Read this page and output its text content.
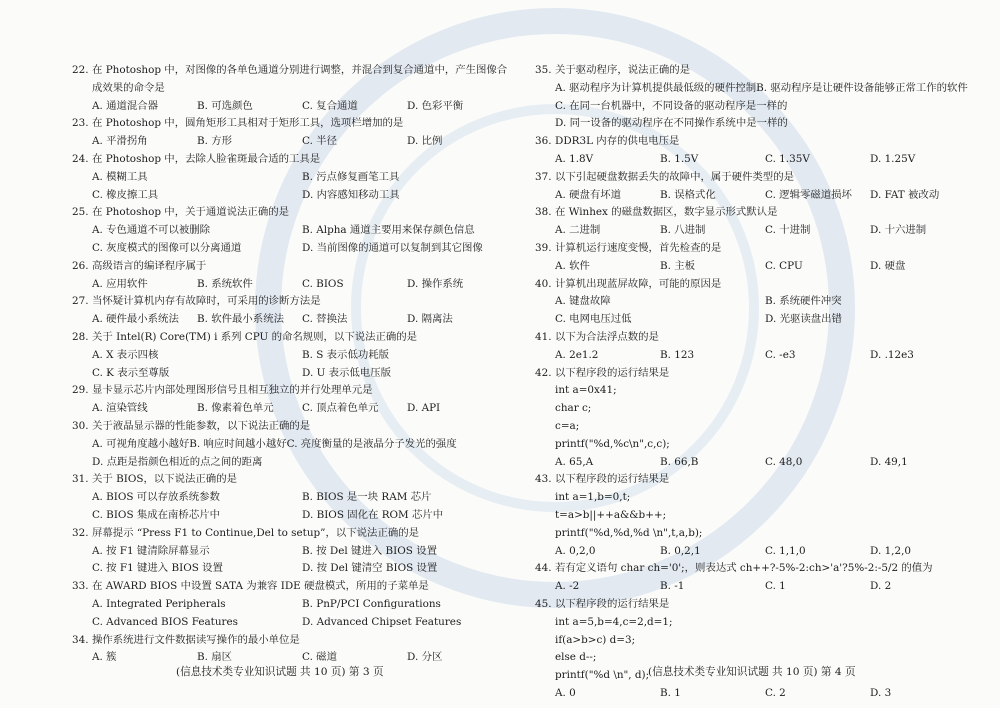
22. 在 Photoshop 中，对图像的各单色通道分别进行调整，并混合到复合通道中，产生图像合
成效果的命令是
A. 通道混合器	B. 可选颜色	C. 复合通道	D. 色彩平衡
23. 在 Photoshop 中，圆角矩形工具相对于矩形工具，选项栏增加的是
A. 平滑拐角	B. 方形	C. 半径	D. 比例
24. 在 Photoshop 中，去除人脸雀斑最合适的工具是
A. 模糊工具	B. 污点修复画笔工具
C. 橡皮擦工具	D. 内容感知移动工具
25. 在 Photoshop 中，关于通道说法正确的是
A. 专色通道不可以被删除	B. Alpha 通道主要用来保存颜色信息
C. 灰度模式的图像可以分离通道	D. 当前图像的通道可以复制到其它图像
26. 高级语言的编译程序属于
A. 应用软件	B. 系统软件	C. BIOS	D. 操作系统
27. 当怀疑计算机内存有故障时，可采用的诊断方法是
A. 硬件最小系统法	B. 软件最小系统法	C. 替换法	D. 隔离法
28. 关于 Intel(R) Core(TM) i 系列 CPU 的命名规则，以下说法正确的是
A. X 表示四核	B. S 表示低功耗版
C. K 表示至尊版	D. U 表示低电压版
29. 显卡显示芯片内部处理图形信号且相互独立的并行处理单元是
A. 渲染管线	B. 像素着色单元	C. 顶点着色单元	D. API
30. 关于液晶显示器的性能参数，以下说法正确的是
A. 可视角度越小越好 B. 响应时间越小越好 C. 亮度衡量的是液晶分子发光的强度
D. 点距是指颜色相近的点之间的距离
31. 关于 BIOS，以下说法正确的是
A. BIOS 可以存放系统参数	B. BIOS 是一块 RAM 芯片
C. BIOS 集成在南桥芯片中	D. BIOS 固化在 ROM 芯片中
32. 屏幕提示 “Press F1 to Continue,Del to setup”，以下说法正确的是
A. 按 F1 键清除屏幕显示	B. 按 Del 键进入 BIOS 设置
C. 按 F1 键进入 BIOS 设置	D. 按 Del 键清空 BIOS 设置
33. 在 AWARD BIOS 中设置 SATA 为兼容 IDE 硬盘模式，所用的子菜单是
A. Integrated Peripherals	B. PnP/PCI Configurations
C. Advanced BIOS Features	D. Advanced Chipset Features
34. 操作系统进行文件数据读写操作的最小单位是
A. 簇	B. 扇区	C. 磁道	D. 分区
35. 关于驱动程序，说法正确的是
A. 驱动程序为计算机提供最低级的硬件控制 B. 驱动程序是让硬件设备能够正常工作的软件
C. 在同一台机器中，不同设备的驱动程序是一样的
D. 同一设备的驱动程序在不同操作系统中是一样的
36. DDR3L 内存的供电电压是
A. 1.8V	B. 1.5V	C. 1.35V	D. 1.25V
37. 以下引起硬盘数据丢失的故障中，属于硬件类型的是
A. 硬盘有坏道	B. 误格式化	C. 逻辑零磁道损坏	D. FAT 被改动
38. 在 Winhex 的磁盘数据区，数字显示形式默认是
A. 二进制	B. 八进制	C. 十进制	D. 十六进制
39. 计算机运行速度变慢，首先检查的是
A. 软件	B. 主板	C. CPU	D. 硬盘
40. 计算机出现蓝屏故障，可能的原因是
A. 键盘故障	B. 系统硬件冲突
C. 电网电压过低	D. 光驱读盘出错
41. 以下为合法浮点数的是
A. 2e1.2	B. 123	C. -e3	D. .12e3
42. 以下程序段的运行结果是
int a=0x41;
char c;
c=a;
printf("%d,%c\n",c,c);
A. 65,A	B. 66,B	C. 48,0	D. 49,1
43. 以下程序段的运行结果是
int a=1,b=0,t;
t=a>b||++a&&b++;
printf("%d,%d,%d \n",t,a,b);
A. 0,2,0	B. 0,2,1	C. 1,1,0	D. 1,2,0
44. 若有定义语句 char ch='0';，则表达式 ch++?-5%-2:ch>'a'?5%-2:-5/2 的值为
A. -2	B. -1	C. 1	D. 2
45. 以下程序段的运行结果是
int a=5,b=4,c=2,d=1;
if(a>b>c) d=3;
else d--;
printf("%d \n", d);
A. 0	B. 1	C. 2	D. 3
(信息技术类专业知识试题 共 10 页) 第 3 页	(信息技术类专业知识试题 共 10 页) 第 4 页
